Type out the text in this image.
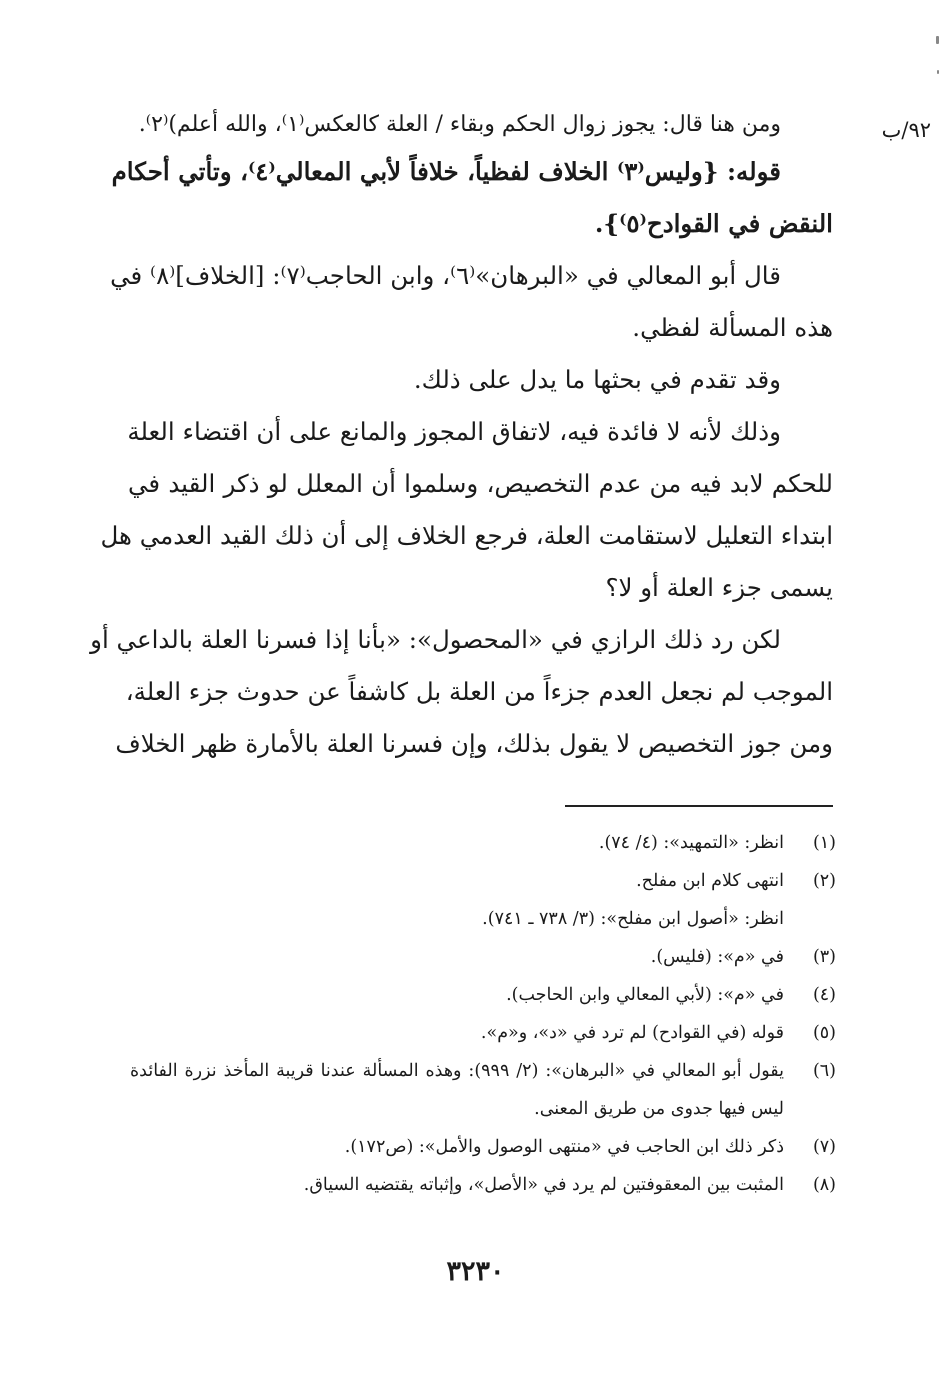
٩٢/ب
ومن هنا قال: يجوز زوال الحكم وبقاء / العلة كالعكس⁽١⁾، والله أعلم)⁽٢⁾.
قوله: {وليس⁽٣⁾ الخلاف لفظياً، خلافاً لأبي المعالي⁽٤⁾، وتأتي أحكام
النقض في القوادح⁽٥⁾}.
قال أبو المعالي في «البرهان»⁽٦⁾، وابن الحاجب⁽٧⁾: [الخلاف]⁽٨⁾ في
هذه المسألة لفظي.
وقد تقدم في بحثها ما يدل على ذلك.
وذلك لأنه لا فائدة فيه، لاتفاق المجوز والمانع على أن اقتضاء العلة
للحكم لابد فيه من عدم التخصيص، وسلموا أن المعلل لو ذكر القيد في
ابتداء التعليل لاستقامت العلة، فرجع الخلاف إلى أن ذلك القيد العدمي هل
يسمى جزء العلة أو لا؟
لكن رد ذلك الرازي في «المحصول»: «بأنا إذا فسرنا العلة بالداعي أو
الموجب لم نجعل العدم جزءاً من العلة بل كاشفاً عن حدوث جزء العلة،
ومن جوز التخصيص لا يقول بذلك، وإن فسرنا العلة بالأمارة ظهر الخلاف
(١)
انظر: «التمهيد»: (٤/ ٧٤).
(٢)
انتهى كلام ابن مفلح.
انظر: «أصول ابن مفلح»: (٣/ ٧٣٨ ـ ٧٤١).
(٣)
في «م»: (فليس).
(٤)
في «م»: (لأبي المعالي وابن الحاجب).
(٥)
قوله (في القوادح) لم ترد في «د»، و«م».
(٦)
يقول أبو المعالي في «البرهان»: (٢/ ٩٩٩): وهذه المسألة عندنا قريبة المأخذ نزرة الفائدة
ليس فيها جدوى من طريق المعنى.
(٧)
ذكر ذلك ابن الحاجب في «منتهى الوصول والأمل»: (ص١٧٢).
(٨)
المثبت بين المعقوفتين لم يرد في «الأصل»، وإثباته يقتضيه السياق.
٣٢٣٠
